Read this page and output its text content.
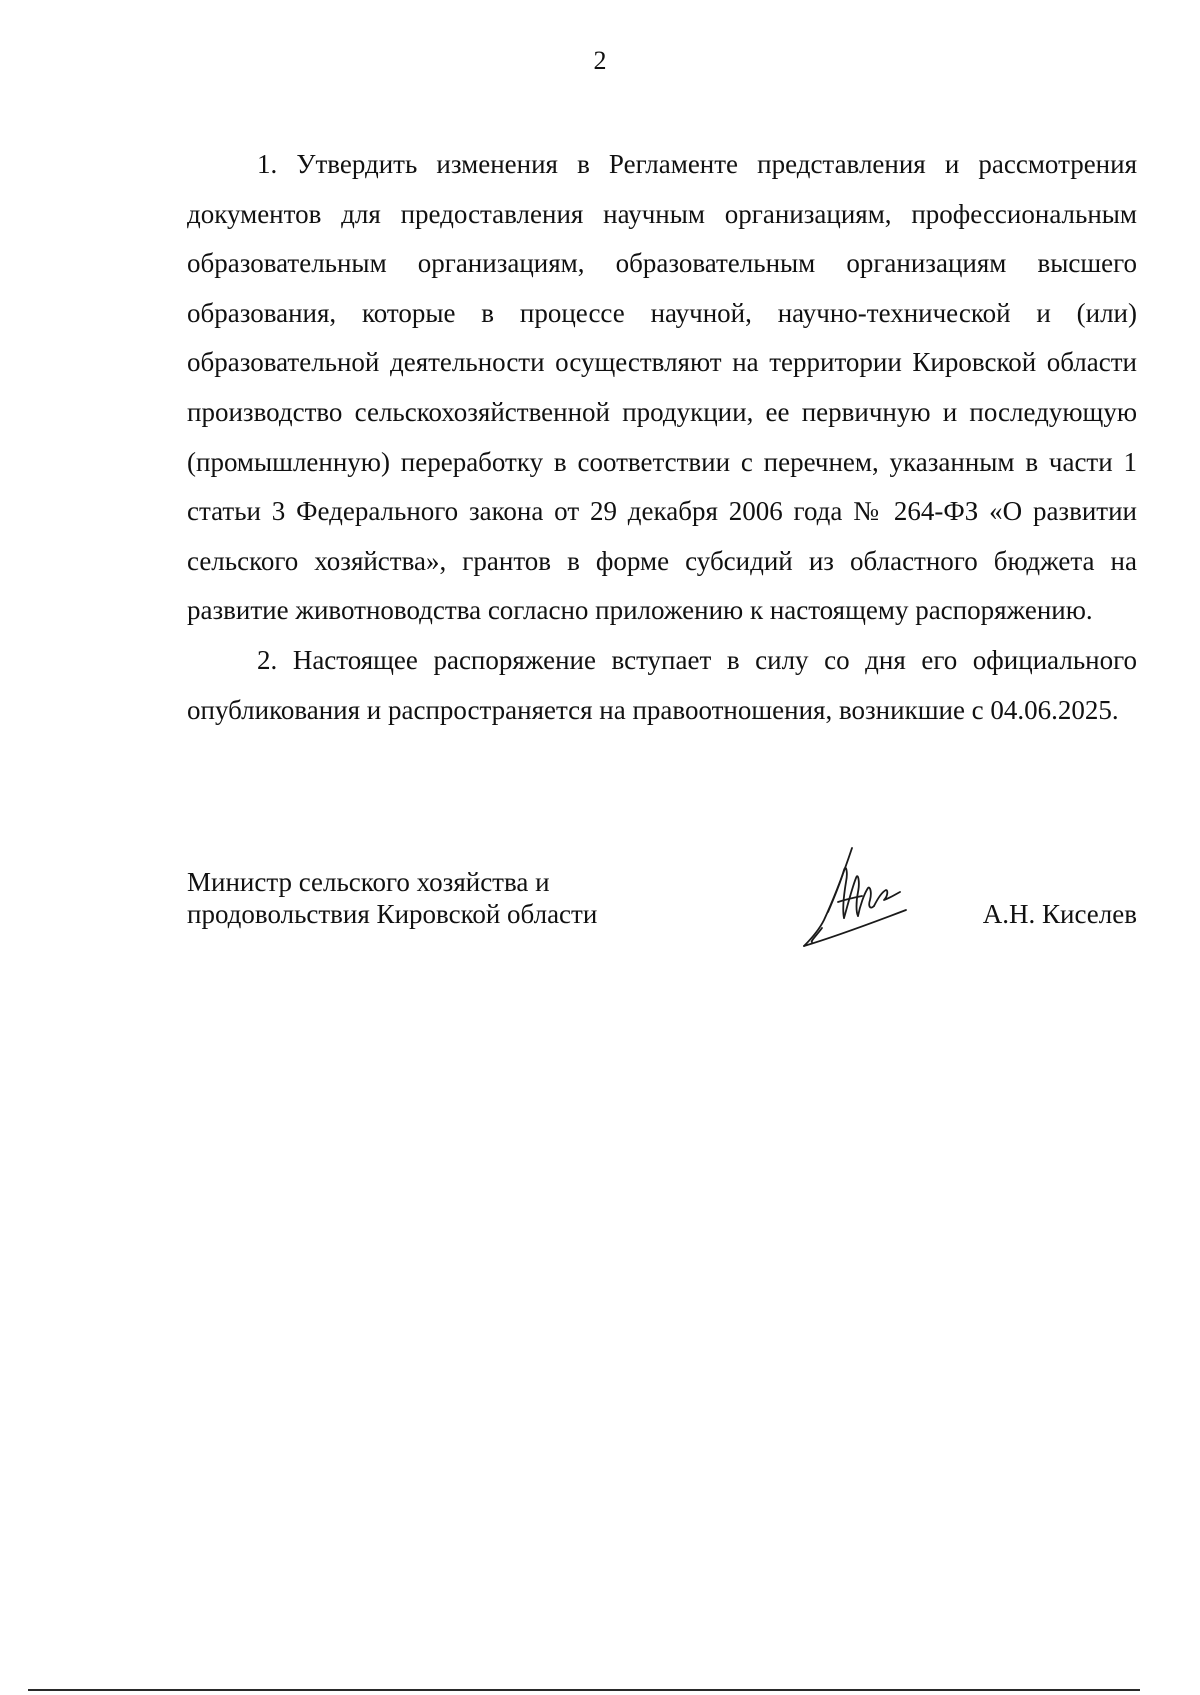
2

1. Утвердить изменения в Регламенте представления и рассмотрения документов для предоставления научным организациям, профессиональным образовательным организациям, образовательным организациям высшего образования, которые в процессе научной, научно-технической и (или) образовательной деятельности осуществляют на территории Кировской области производство сельскохозяйственной продукции, ее первичную и последующую (промышленную) переработку в соответствии с перечнем, указанным в части 1 статьи 3 Федерального закона от 29 декабря 2006 года № 264-ФЗ «О развитии сельского хозяйства», грантов в форме субсидий из областного бюджета на развитие животноводства согласно приложению к настоящему распоряжению.

2. Настоящее распоряжение вступает в силу со дня его официального опубликования и распространяется на правоотношения, возникшие с 04.06.2025.

Министр сельского хозяйства и
продовольствия Кировской области	А.Н. Киселев
